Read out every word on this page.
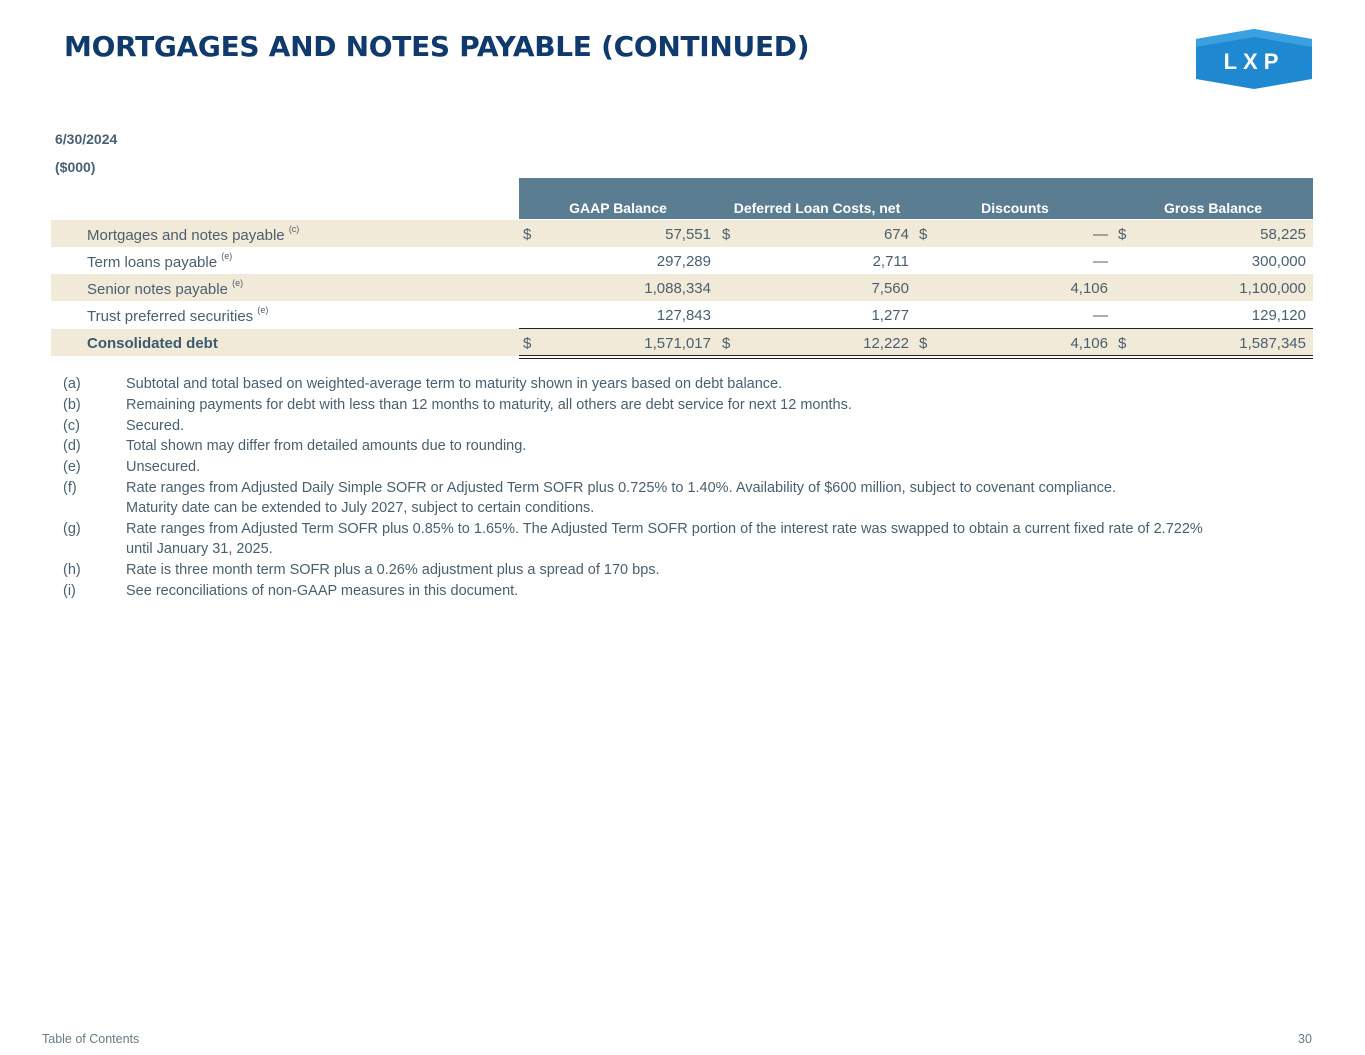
MORTGAGES AND NOTES PAYABLE (CONTINUED)	LXP
6/30/2024
($000)
GAAP Balance	Deferred Loan Costs, net	Discounts	Gross Balance
Mortgages and notes payable $^{(c)}$	$	57,551 $	674 $	— $	58,225
Term loans payable $^{(e)}$	297,289	2,711	—	300,000
Senior notes payable $^{(e)}$	1,088,334	7,560	4,106	1,100,000
Trust preferred securities $^{(e)}$	127,843	1,277	—	129,120
Consolidated debt	$	1,571,017 $	12,222 $	4,106 $	1,587,345
(a)	Subtotal and total based on weighted-average term to maturity shown in years based on debt balance.
(b)	Remaining payments for debt with less than 12 months to maturity, all others are debt service for next 12 months.
(c)	Secured.
(d)	Total shown may differ from detailed amounts due to rounding.
(e)	Unsecured.
(f)	Rate ranges from Adjusted Daily Simple SOFR or Adjusted Term SOFR plus 0.725% to 1.40%. Availability of $600 million, subject to covenant compliance.
Maturity date can be extended to July 2027, subject to certain conditions.
(g)	Rate ranges from Adjusted Term SOFR plus 0.85% to 1.65%. The Adjusted Term SOFR portion of the interest rate was swapped to obtain a current fixed rate of 2.722%
until January 31, 2025.
(h)	Rate is three month term SOFR plus a 0.26% adjustment plus a spread of 170 bps.
(i)	See reconciliations of non-GAAP measures in this document.
Table of Contents	30
